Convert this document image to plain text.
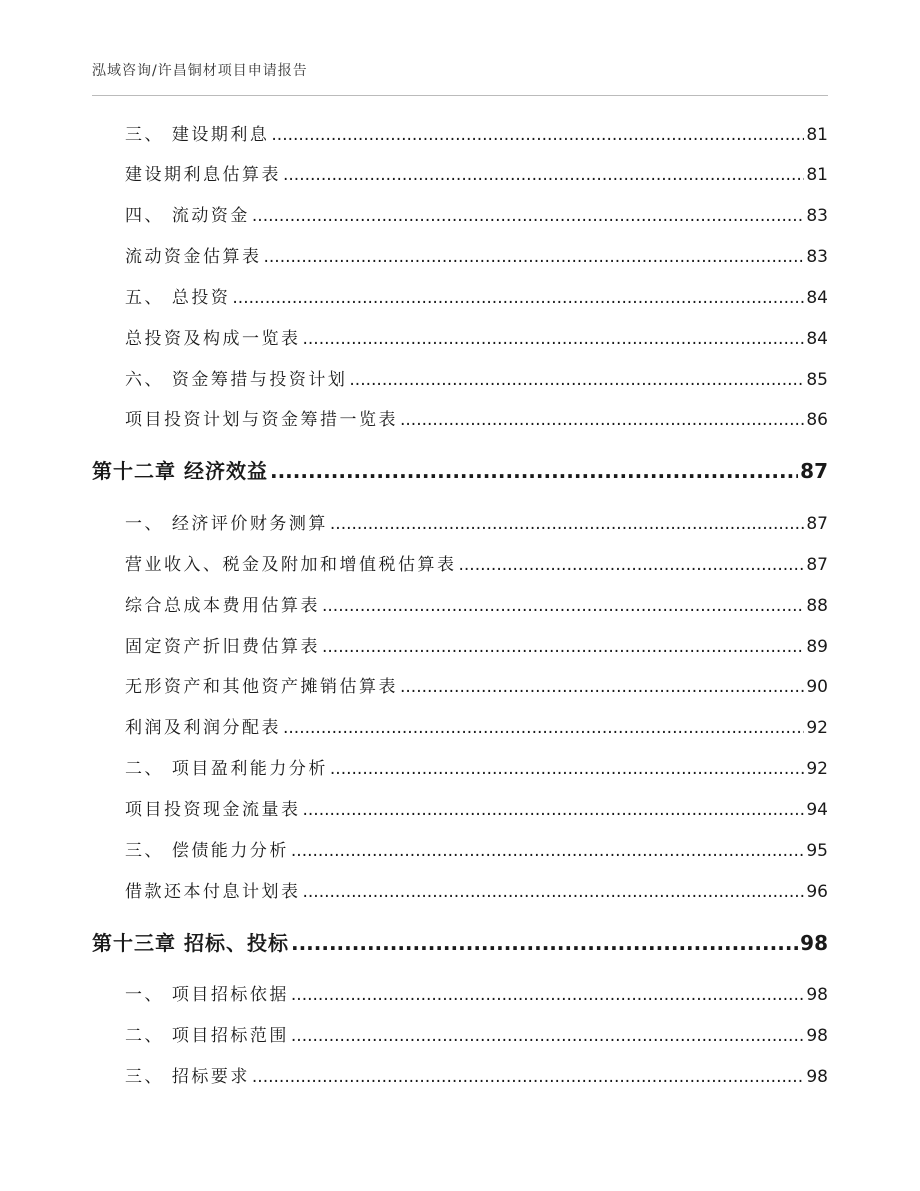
泓域咨询/许昌铜材项目申请报告
三、 建设期利息 .....	81
建设期利息估算表 .....	81
四、 流动资金 .....	83
流动资金估算表 .....	83
五、 总投资 .....	84
总投资及构成一览表 .....	84
六、 资金筹措与投资计划 .....	85
项目投资计划与资金筹措一览表 .....	86
第十二章 经济效益 .....	87
一、 经济评价财务测算 .....	87
营业收入、税金及附加和增值税估算表 .....	87
综合总成本费用估算表 .....	88
固定资产折旧费估算表 .....	89
无形资产和其他资产摊销估算表 .....	90
利润及利润分配表 .....	92
二、 项目盈利能力分析 .....	92
项目投资现金流量表 .....	94
三、 偿债能力分析 .....	95
借款还本付息计划表 .....	96
第十三章 招标、投标 .....	98
一、 项目招标依据 .....	98
二、 项目招标范围 .....	98
三、 招标要求 .....	98
